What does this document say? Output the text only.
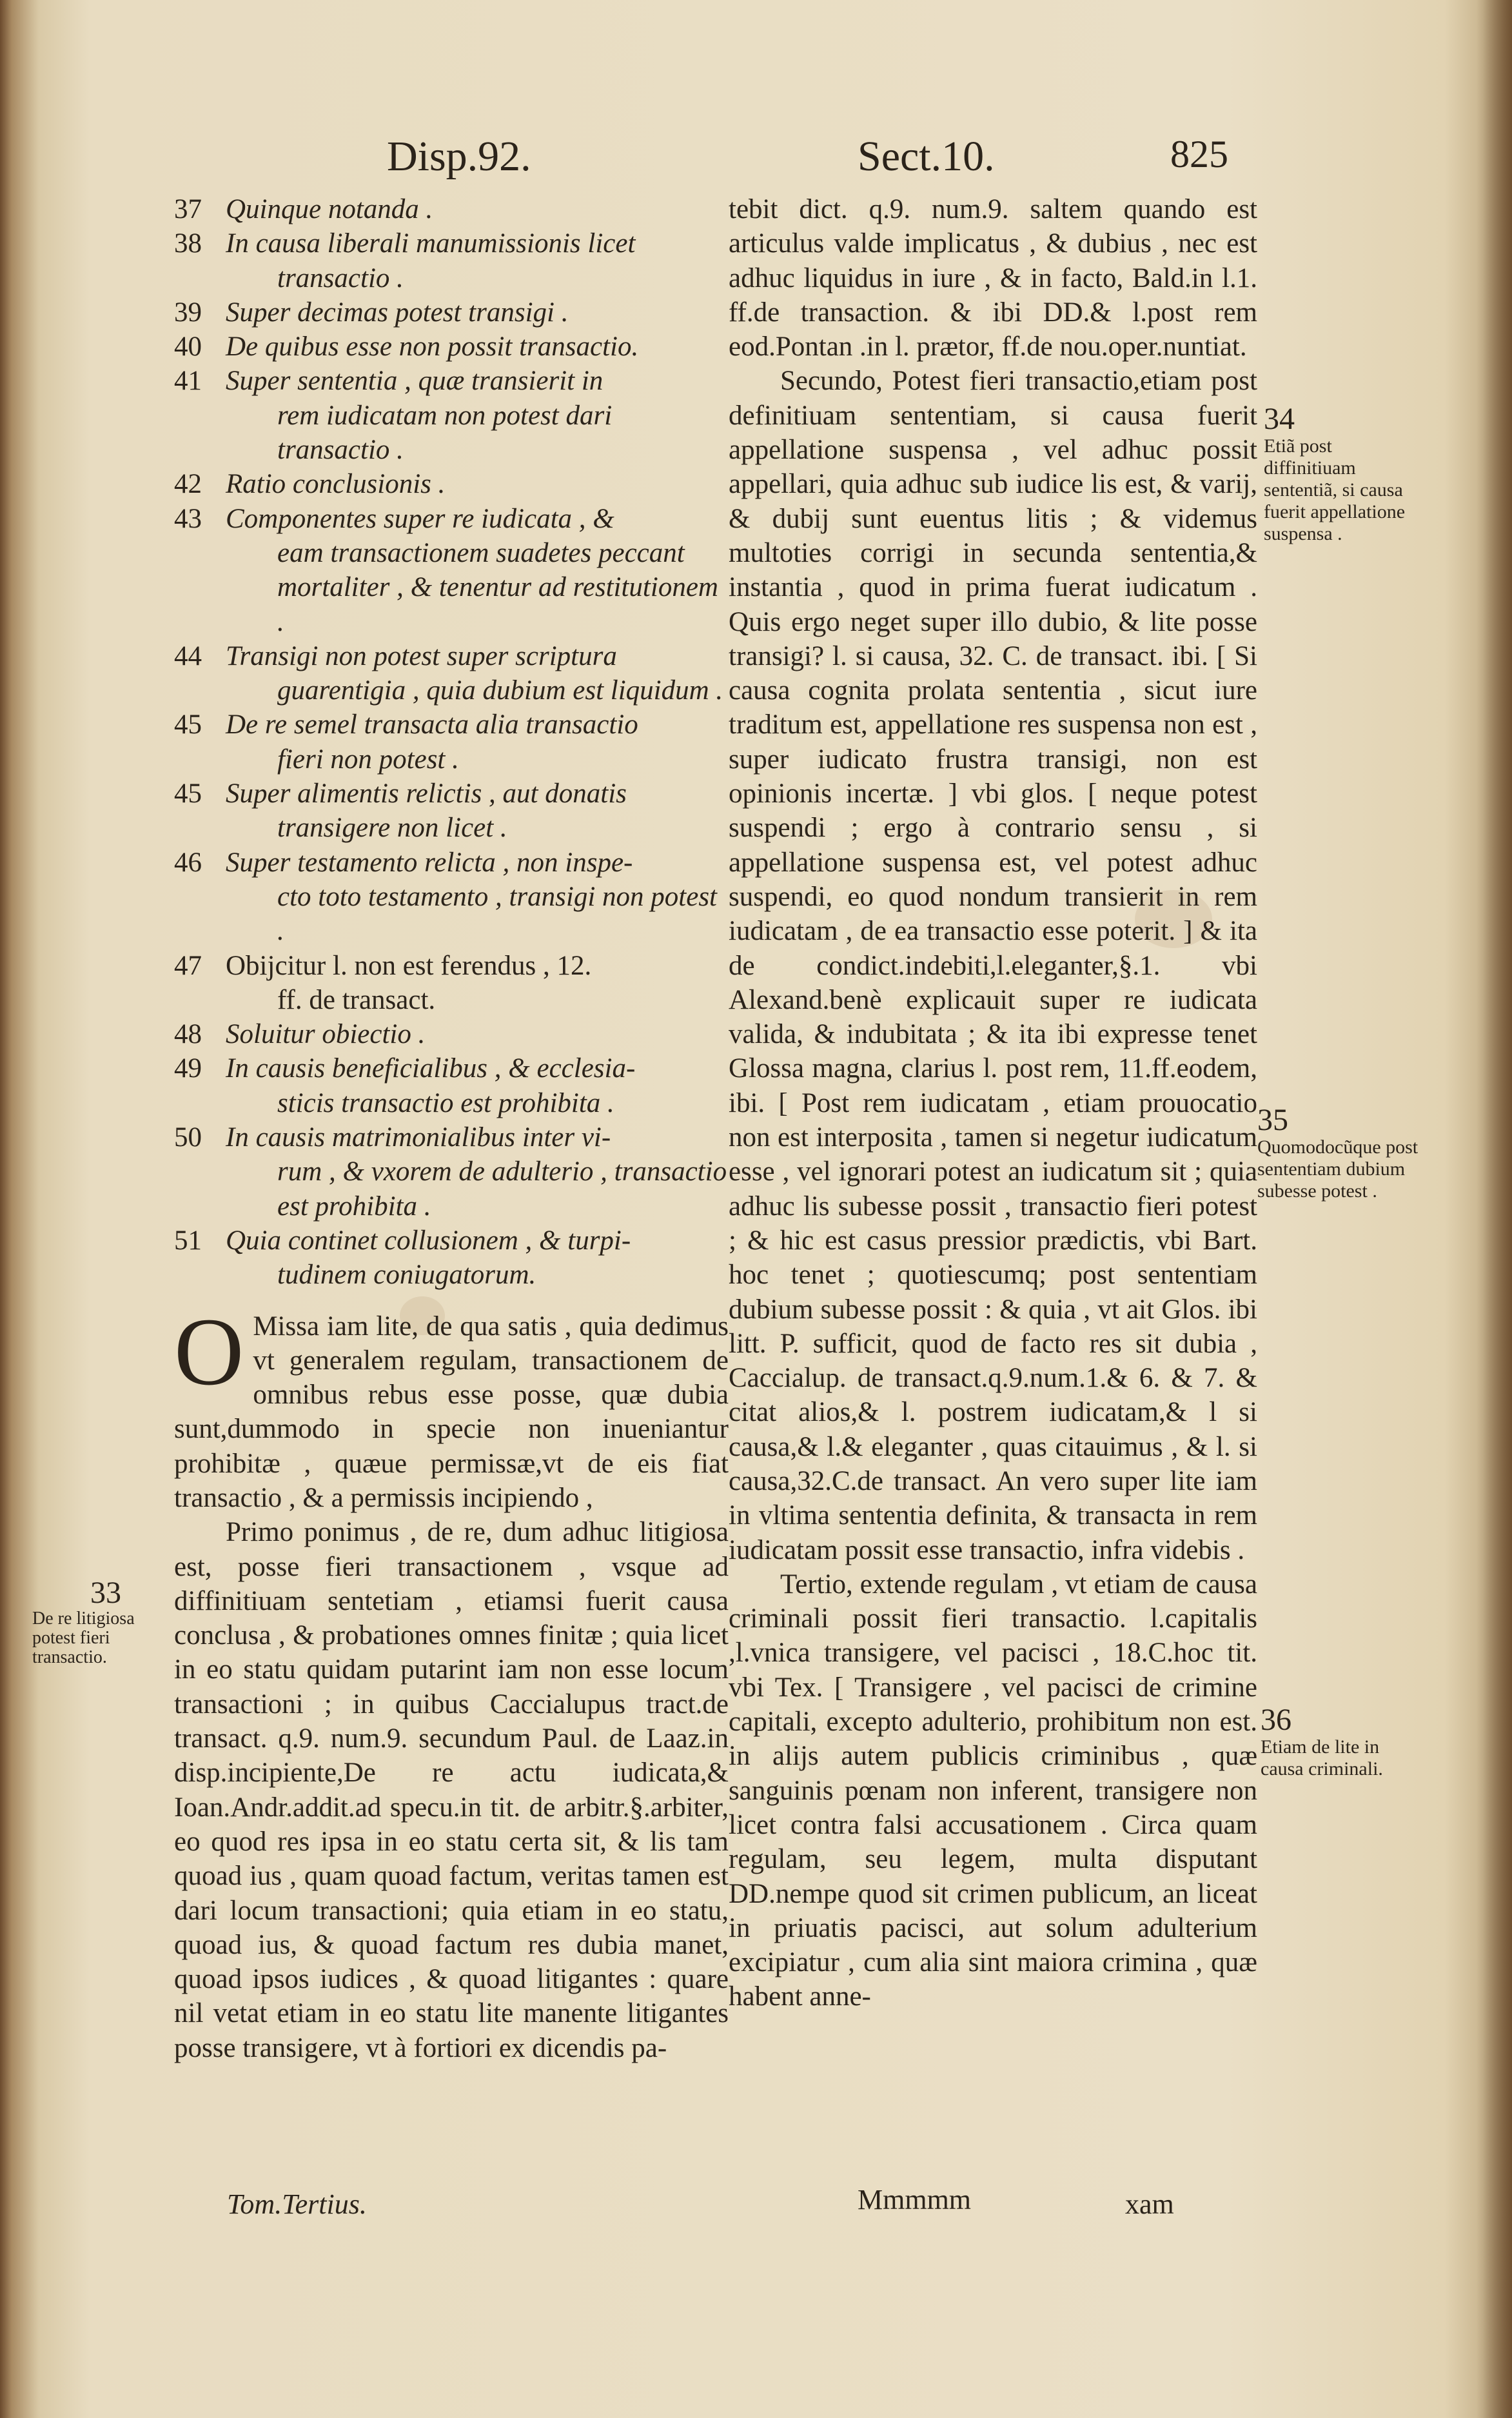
Disp.92.	Sect.10.	825
37 Quinque notanda .
38 In causa liberali manumissionis licet
transactio .
39 Super decimas potest transigi .
40 De quibus esse non possit transactio.
41 Super sententia , quæ transierit in
rem iudicatam non potest dari transactio .
42 Ratio conclusionis .
43 Componentes super re iudicata , &
eam transactionem suadetes peccant mortaliter , & tenentur ad restitutionem .
44 Transigi non potest super scriptura
guarentigia , quia dubium est liquidum .
45 De re semel transacta alia transactio
fieri non potest .
45 Super alimentis relictis , aut donatis
transigere non licet .
46 Super testamento relicta , non inspe-
cto toto testamento , transigi non potest .
47 Obijcitur l. non est ferendus , 12.
ff. de transact.
48 Soluitur obiectio .
49 In causis beneficialibus , & ecclesia-
sticis transactio est prohibita .
50 In causis matrimonialibus inter vi-
rum , & vxorem de adulterio , transactio est prohibita .
51 Quia continet collusionem , & turpi-
tudinem coniugatorum.
O Missa iam lite, de qua satis , quia dedimus vt generalem regulam, transactionem de omnibus rebus esse posse, quæ dubia sunt,dummodo in specie non inueniantur prohibitæ , quæue permissæ,vt de eis fiat transactio , & a permissis incipiendo ,
Primo ponimus , de re, dum adhuc litigiosa est, posse fieri transactionem , vsque ad diffinitiuam sentetiam , etiamsi fuerit causa conclusa , & probationes omnes finitæ ; quia licet in eo statu quidam putarint iam non esse locum transactioni ; in quibus Caccialupus tract.de transact. q.9. num.9. secundum Paul. de Laaz.in disp.incipiente,De re actu iudicata,& Ioan.Andr.addit.ad specu.in tit. de arbitr.§.arbiter, eo quod res ipsa in eo statu certa sit, & lis tam quoad ius , quam quoad factum, veritas tamen est dari locum transactioni; quia etiam in eo statu, quoad ius, & quoad factum res dubia manet, quoad ipsos iudices , & quoad litigantes : quare nil vetat etiam in eo statu lite manente litigantes posse transigere, vt à fortiori ex dicendis pa-
tebit dict. q.9. num.9. saltem quando est articulus valde implicatus , & dubius , nec est adhuc liquidus in iure , & in facto, Bald.in l.1. ff.de transaction. & ibi DD.& l.post rem eod.Pontan .in l. prætor, ff.de nou.oper.nuntiat.
Secundo, Potest fieri transactio,etiam post definitiuam sententiam, si causa fuerit appellatione suspensa , vel adhuc possit appellari, quia adhuc sub iudice lis est, & varij, & dubij sunt euentus litis ; & videmus multoties corrigi in secunda sententia,& instantia , quod in prima fuerat iudicatum . Quis ergo neget super illo dubio, & lite posse transigi? l. si causa, 32. C. de transact. ibi. [ Si causa cognita prolata sententia , sicut iure traditum est, appellatione res suspensa non est , super iudicato frustra transigi, non est opinionis incertæ. ] vbi glos. [ neque potest suspendi ; ergo à contrario sensu , si appellatione suspensa est, vel potest adhuc suspendi, eo quod nondum transierit in rem iudicatam , de ea transactio esse poterit. ] & ita de condict.indebiti,l.eleganter,§.1. vbi Alexand.benè explicauit super re iudicata valida, & indubitata ; & ita ibi expresse tenet Glossa magna, clarius l. post rem, 11.ff.eodem, ibi. [ Post rem iudicatam , etiam prouocatio non est interposita , tamen si negetur iudicatum esse , vel ignorari potest an iudicatum sit ; quia adhuc lis subesse possit , transactio fieri potest ; & hic est casus pressior prædictis, vbi Bart. hoc tenet ; quotiescumq; post sententiam dubium subesse possit : & quia , vt ait Glos. ibi litt. P. sufficit, quod de facto res sit dubia , Caccialup. de transact.q.9.num.1.& 6. & 7. & citat alios,& l. postrem iudicatam,& l si causa,& l.& eleganter , quas citauimus , & l. si causa,32.C.de transact. An vero super lite iam in vltima sententia definita, & transacta in rem iudicatam possit esse transactio, infra videbis .
Tertio, extende regulam , vt etiam de causa criminali possit fieri transactio. l.capitalis ,l.vnica transigere, vel pacisci , 18.C.hoc tit. vbi Tex. [ Transigere , vel pacisci de crimine capitali, excepto adulterio, prohibitum non est. in alijs autem publicis criminibus , quæ sanguinis pœnam non inferent, transigere non licet contra falsi accusationem . Circa quam regulam, seu legem, multa disputant DD.nempe quod sit crimen publicum, an liceat in priuatis pacisci, aut solum adulterium excipiatur , cum alia sint maiora crimina , quæ habent anne-
34
Etiã post diffinitiuam sententiã, si causa fuerit appellatione suspensa .
35
Quomodocũque post sententiam dubium subesse potest .
36
Etiam de lite in causa criminali.
33
De re litigiosa potest fieri transactio.
Tom.Tertius.	Mmmmm	xam
